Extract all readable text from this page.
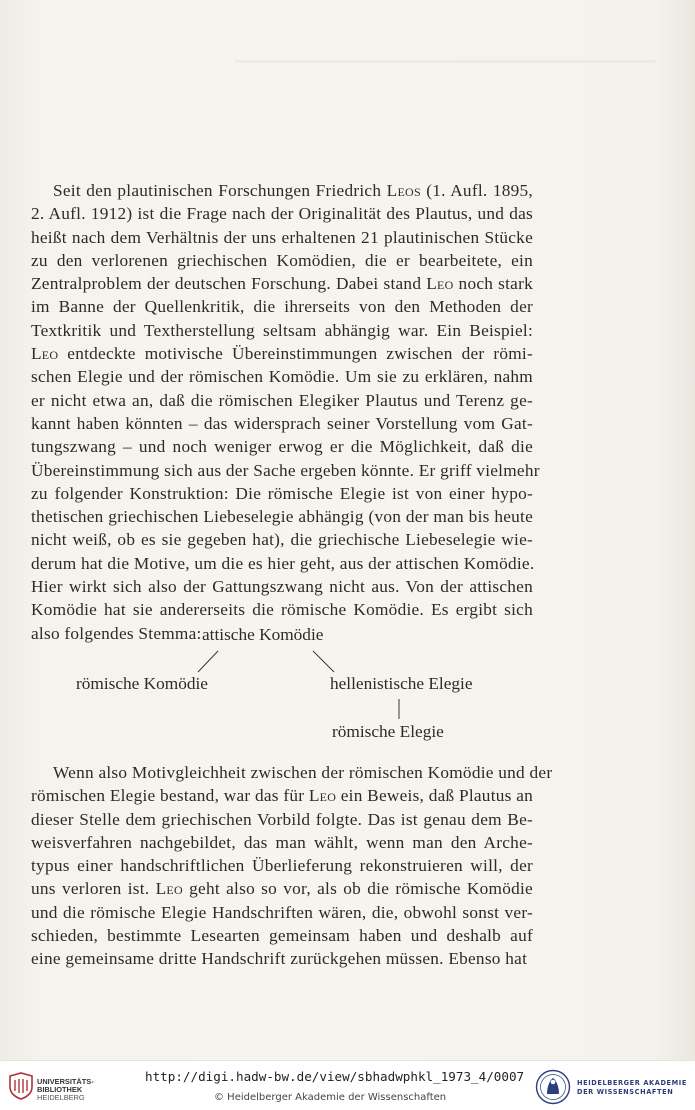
Seit den plautinischen Forschungen Friedrich Leos (1. Aufl. 1895,
2. Aufl. 1912) ist die Frage nach der Originalität des Plautus, und das
heißt nach dem Verhältnis der uns erhaltenen 21 plautinischen Stücke
zu den verlorenen griechischen Komödien, die er bearbeitete, ein
Zentralproblem der deutschen Forschung. Dabei stand Leo noch stark
im Banne der Quellenkritik, die ihrerseits von den Methoden der
Textkritik und Textherstellung seltsam abhängig war. Ein Beispiel:
Leo entdeckte motivische Übereinstimmungen zwischen der römi-
schen Elegie und der römischen Komödie. Um sie zu erklären, nahm
er nicht etwa an, daß die römischen Elegiker Plautus und Terenz ge-
kannt haben könnten – das widersprach seiner Vorstellung vom Gat-
tungszwang – und noch weniger erwog er die Möglichkeit, daß die
Übereinstimmung sich aus der Sache ergeben könnte. Er griff vielmehr
zu folgender Konstruktion: Die römische Elegie ist von einer hypo-
thetischen griechischen Liebeselegie abhängig (von der man bis heute
nicht weiß, ob es sie gegeben hat), die griechische Liebeselegie wie-
derum hat die Motive, um die es hier geht, aus der attischen Komödie.
Hier wirkt sich also der Gattungszwang nicht aus. Von der attischen
Komödie hat sie andererseits die römische Komödie. Es ergibt sich
also folgendes Stemma: attische Komödie
römische Komödie	hellenistische Elegie
römische Elegie
Wenn also Motivgleichheit zwischen der römischen Komödie und der
römischen Elegie bestand, war das für Leo ein Beweis, daß Plautus an
dieser Stelle dem griechischen Vorbild folgte. Das ist genau dem Be-
weisverfahren nachgebildet, das man wählt, wenn man den Arche-
typus einer handschriftlichen Überlieferung rekonstruieren will, der
uns verloren ist. Leo geht also so vor, als ob die römische Komödie
und die römische Elegie Handschriften wären, die, obwohl sonst ver-
schieden, bestimmte Lesearten gemeinsam haben und deshalb auf
eine gemeinsame dritte Handschrift zurückgehen müssen. Ebenso hat
UNIVERSITÄTS-
BIBLIOTHEK
HEIDELBERG
http://digi.hadw-bw.de/view/sbhadwphkl_1973_4/0007
© Heidelberger Akademie der Wissenschaften
HEIDELBERGER AKADEMIE
DER WISSENSCHAFTEN
